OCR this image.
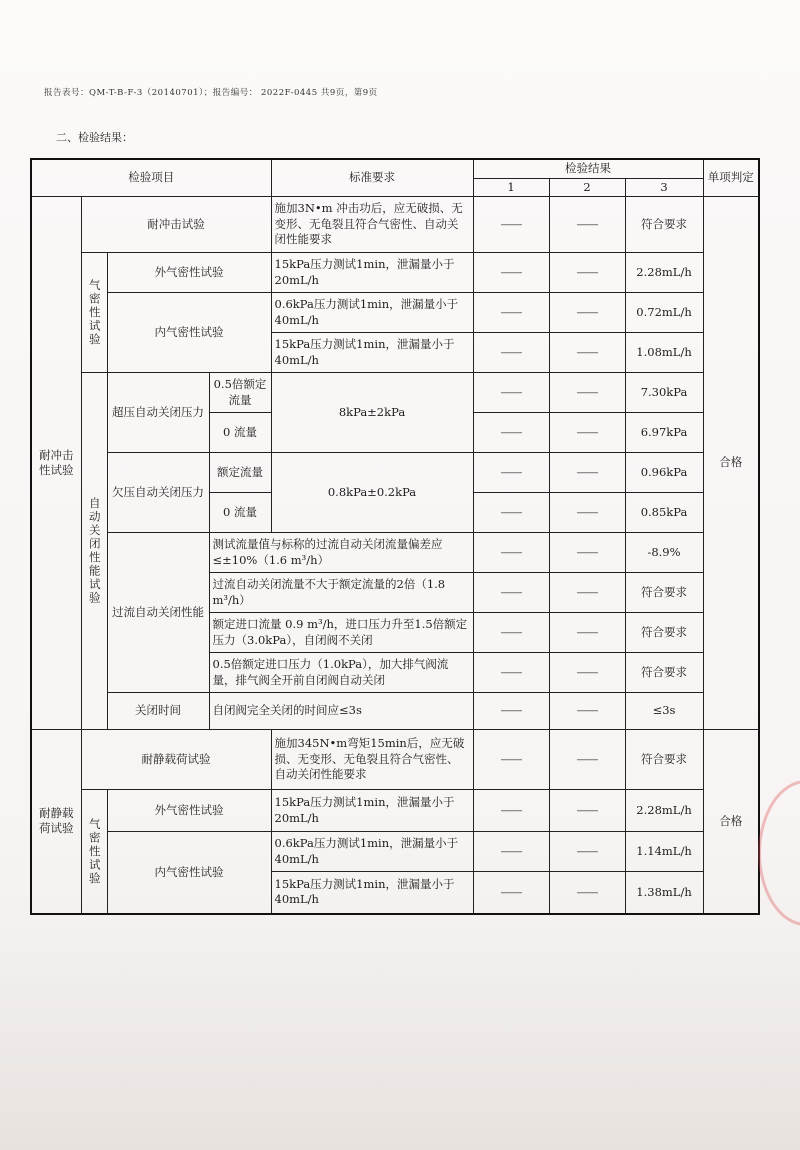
报告表号：QM-T-B-F-3（20140701）；报告编号： 2022F-0445 共9页，第9页
二、检验结果：
检验项目				标准要求	检验结果			单项判定
					1	2	3	
耐冲击性试验	耐冲击试验			施加3N•m 冲击功后，应无破损、无变形、无龟裂且符合气密性、自动关闭性能要求	——	——	符合要求	合格
	气密性试验	外气密性试验		15kPa压力测试1min，泄漏量小于20mL/h	——	——	2.28mL/h	
		内气密性试验		0.6kPa压力测试1min，泄漏量小于40mL/h	——	——	0.72mL/h	
				15kPa压力测试1min，泄漏量小于40mL/h	——	——	1.08mL/h	
	自动关闭性能试验	超压自动关闭压力	0.5倍额定流量	8kPa±2kPa	——	——	7.30kPa	
			0 流量		——	——	6.97kPa	
		欠压自动关闭压力	额定流量	0.8kPa±0.2kPa	——	——	0.96kPa	
			0 流量		——	——	0.85kPa	
		过流自动关闭性能	测试流量值与标称的过流自动关闭流量偏差应≤±10%（1.6 m³/h）		——	——	-8.9%	
			过流自动关闭流量不大于额定流量的2倍（1.8 m³/h）		——	——	符合要求	
			额定进口流量 0.9 m³/h，进口压力升至1.5倍额定压力（3.0kPa），自闭阀不关闭		——	——	符合要求	
			0.5倍额定进口压力（1.0kPa），加大排气阀流量，排气阀全开前自闭阀自动关闭		——	——	符合要求	
		关闭时间	自闭阀完全关闭的时间应≤3s		——	——	≤3s	

耐静载荷试验	耐静载荷试验			施加345N•m弯矩15min后，应无破损、无变形、无龟裂且符合气密性、自动关闭性能要求	——	——	符合要求	合格
	气密性试验	外气密性试验		15kPa压力测试1min，泄漏量小于20mL/h	——	——	2.28mL/h	
		内气密性试验		0.6kPa压力测试1min，泄漏量小于40mL/h	——	——	1.14mL/h	
				15kPa压力测试1min，泄漏量小于40mL/h	——	——	1.38mL/h	
